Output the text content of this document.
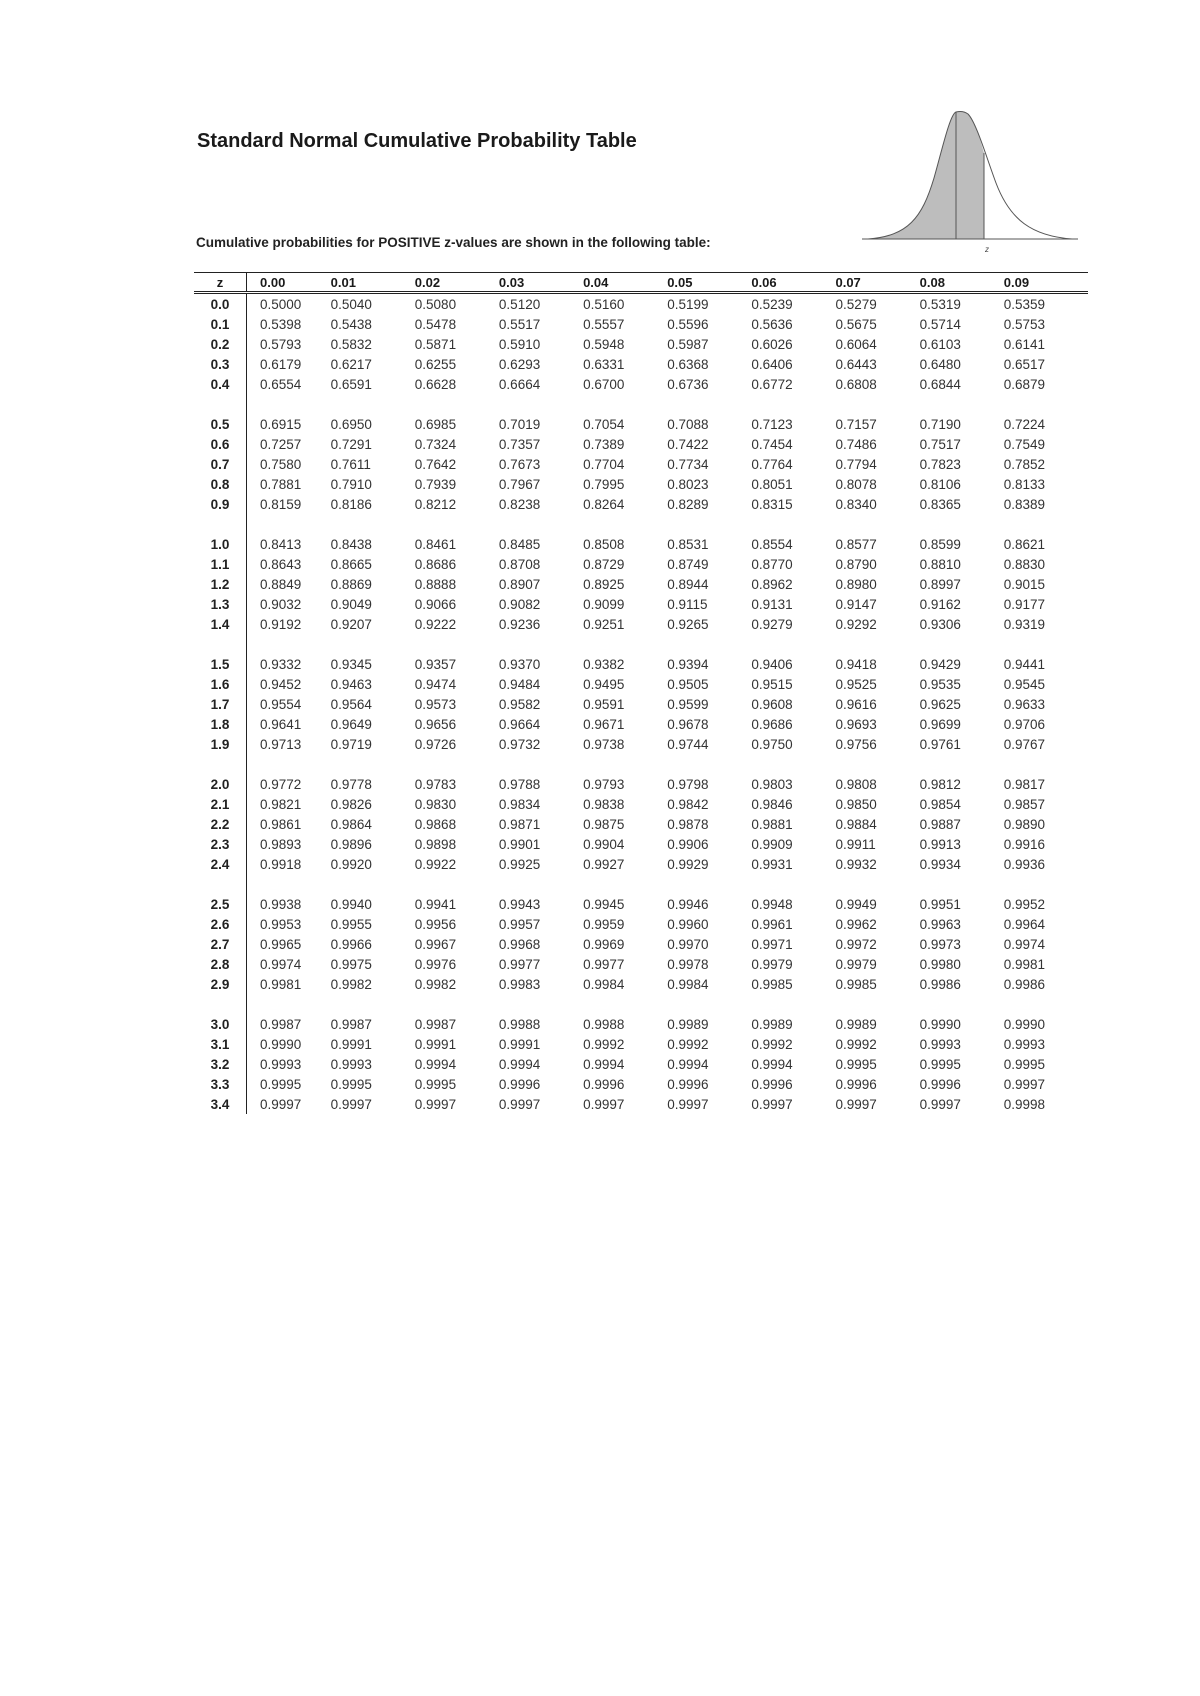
Standard Normal Cumulative Probability Table
Cumulative probabilities for POSITIVE z-values are shown in the following table:	z
z	0.00	0.01	0.02	0.03	0.04	0.05	0.06	0.07	0.08	0.09
0.0	0.5000	0.5040	0.5080	0.5120	0.5160	0.5199	0.5239	0.5279	0.5319	0.5359
0.1	0.5398	0.5438	0.5478	0.5517	0.5557	0.5596	0.5636	0.5675	0.5714	0.5753
0.2	0.5793	0.5832	0.5871	0.5910	0.5948	0.5987	0.6026	0.6064	0.6103	0.6141
0.3	0.6179	0.6217	0.6255	0.6293	0.6331	0.6368	0.6406	0.6443	0.6480	0.6517
0.4	0.6554	0.6591	0.6628	0.6664	0.6700	0.6736	0.6772	0.6808	0.6844	0.6879

0.5	0.6915	0.6950	0.6985	0.7019	0.7054	0.7088	0.7123	0.7157	0.7190	0.7224
0.6	0.7257	0.7291	0.7324	0.7357	0.7389	0.7422	0.7454	0.7486	0.7517	0.7549
0.7	0.7580	0.7611	0.7642	0.7673	0.7704	0.7734	0.7764	0.7794	0.7823	0.7852
0.8	0.7881	0.7910	0.7939	0.7967	0.7995	0.8023	0.8051	0.8078	0.8106	0.8133
0.9	0.8159	0.8186	0.8212	0.8238	0.8264	0.8289	0.8315	0.8340	0.8365	0.8389

1.0	0.8413	0.8438	0.8461	0.8485	0.8508	0.8531	0.8554	0.8577	0.8599	0.8621
1.1	0.8643	0.8665	0.8686	0.8708	0.8729	0.8749	0.8770	0.8790	0.8810	0.8830
1.2	0.8849	0.8869	0.8888	0.8907	0.8925	0.8944	0.8962	0.8980	0.8997	0.9015
1.3	0.9032	0.9049	0.9066	0.9082	0.9099	0.9115	0.9131	0.9147	0.9162	0.9177
1.4	0.9192	0.9207	0.9222	0.9236	0.9251	0.9265	0.9279	0.9292	0.9306	0.9319

1.5	0.9332	0.9345	0.9357	0.9370	0.9382	0.9394	0.9406	0.9418	0.9429	0.9441
1.6	0.9452	0.9463	0.9474	0.9484	0.9495	0.9505	0.9515	0.9525	0.9535	0.9545
1.7	0.9554	0.9564	0.9573	0.9582	0.9591	0.9599	0.9608	0.9616	0.9625	0.9633
1.8	0.9641	0.9649	0.9656	0.9664	0.9671	0.9678	0.9686	0.9693	0.9699	0.9706
1.9	0.9713	0.9719	0.9726	0.9732	0.9738	0.9744	0.9750	0.9756	0.9761	0.9767

2.0	0.9772	0.9778	0.9783	0.9788	0.9793	0.9798	0.9803	0.9808	0.9812	0.9817
2.1	0.9821	0.9826	0.9830	0.9834	0.9838	0.9842	0.9846	0.9850	0.9854	0.9857
2.2	0.9861	0.9864	0.9868	0.9871	0.9875	0.9878	0.9881	0.9884	0.9887	0.9890
2.3	0.9893	0.9896	0.9898	0.9901	0.9904	0.9906	0.9909	0.9911	0.9913	0.9916
2.4	0.9918	0.9920	0.9922	0.9925	0.9927	0.9929	0.9931	0.9932	0.9934	0.9936

2.5	0.9938	0.9940	0.9941	0.9943	0.9945	0.9946	0.9948	0.9949	0.9951	0.9952
2.6	0.9953	0.9955	0.9956	0.9957	0.9959	0.9960	0.9961	0.9962	0.9963	0.9964
2.7	0.9965	0.9966	0.9967	0.9968	0.9969	0.9970	0.9971	0.9972	0.9973	0.9974
2.8	0.9974	0.9975	0.9976	0.9977	0.9977	0.9978	0.9979	0.9979	0.9980	0.9981
2.9	0.9981	0.9982	0.9982	0.9983	0.9984	0.9984	0.9985	0.9985	0.9986	0.9986

3.0	0.9987	0.9987	0.9987	0.9988	0.9988	0.9989	0.9989	0.9989	0.9990	0.9990
3.1	0.9990	0.9991	0.9991	0.9991	0.9992	0.9992	0.9992	0.9992	0.9993	0.9993
3.2	0.9993	0.9993	0.9994	0.9994	0.9994	0.9994	0.9994	0.9995	0.9995	0.9995
3.3	0.9995	0.9995	0.9995	0.9996	0.9996	0.9996	0.9996	0.9996	0.9996	0.9997
3.4	0.9997	0.9997	0.9997	0.9997	0.9997	0.9997	0.9997	0.9997	0.9997	0.9998
